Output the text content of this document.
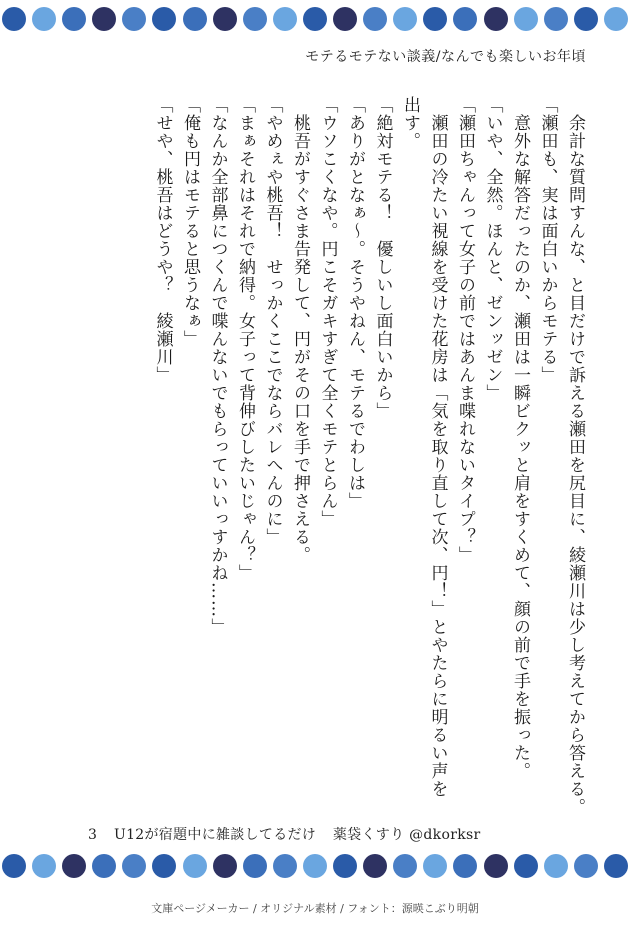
モテるモテない談義/なんでも楽しいお年頃

　余計な質問すんな、と目だけで訴える瀬田を尻目に、綾瀬川は少し考えてから答える。

「瀬田も、実は面白いからモテる」

　意外な解答だったのか、瀬田は一瞬ビクッと肩をすくめて、顔の前で手を振った。

「いや、全然。ほんと、ゼンッゼン」

「瀬田ちゃんって女子の前ではあんま喋れないタイプ？」

　瀬田の冷たい視線を受けた花房は「気を取り直して次、円！」とやたらに明るい声を

出す。

「絶対モテる！　優しいし面白いから」

「ありがとなぁ～。そうやねん、モテるでわしは」

「ウソこくなや。円こそガキすぎて全くモテとらん」

　桃吾がすぐさま告発して、円がその口を手で押さえる。

「やめぇや桃吾！　せっかくここでならバレへんのに」

「まぁそれはそれで納得。女子って背伸びしたいじゃん？」

「なんか全部鼻につくんで喋んないでもらっていいっすかね……」

「俺も円はモテると思うなぁ」

「せや、桃吾はどうや？　綾瀬川」

3 U12が宿題中に雑談してるだけ 薬袋くすり @dkorksr
文庫ページメーカー / オリジナル素材 / フォント：源暎こぶり明朝
